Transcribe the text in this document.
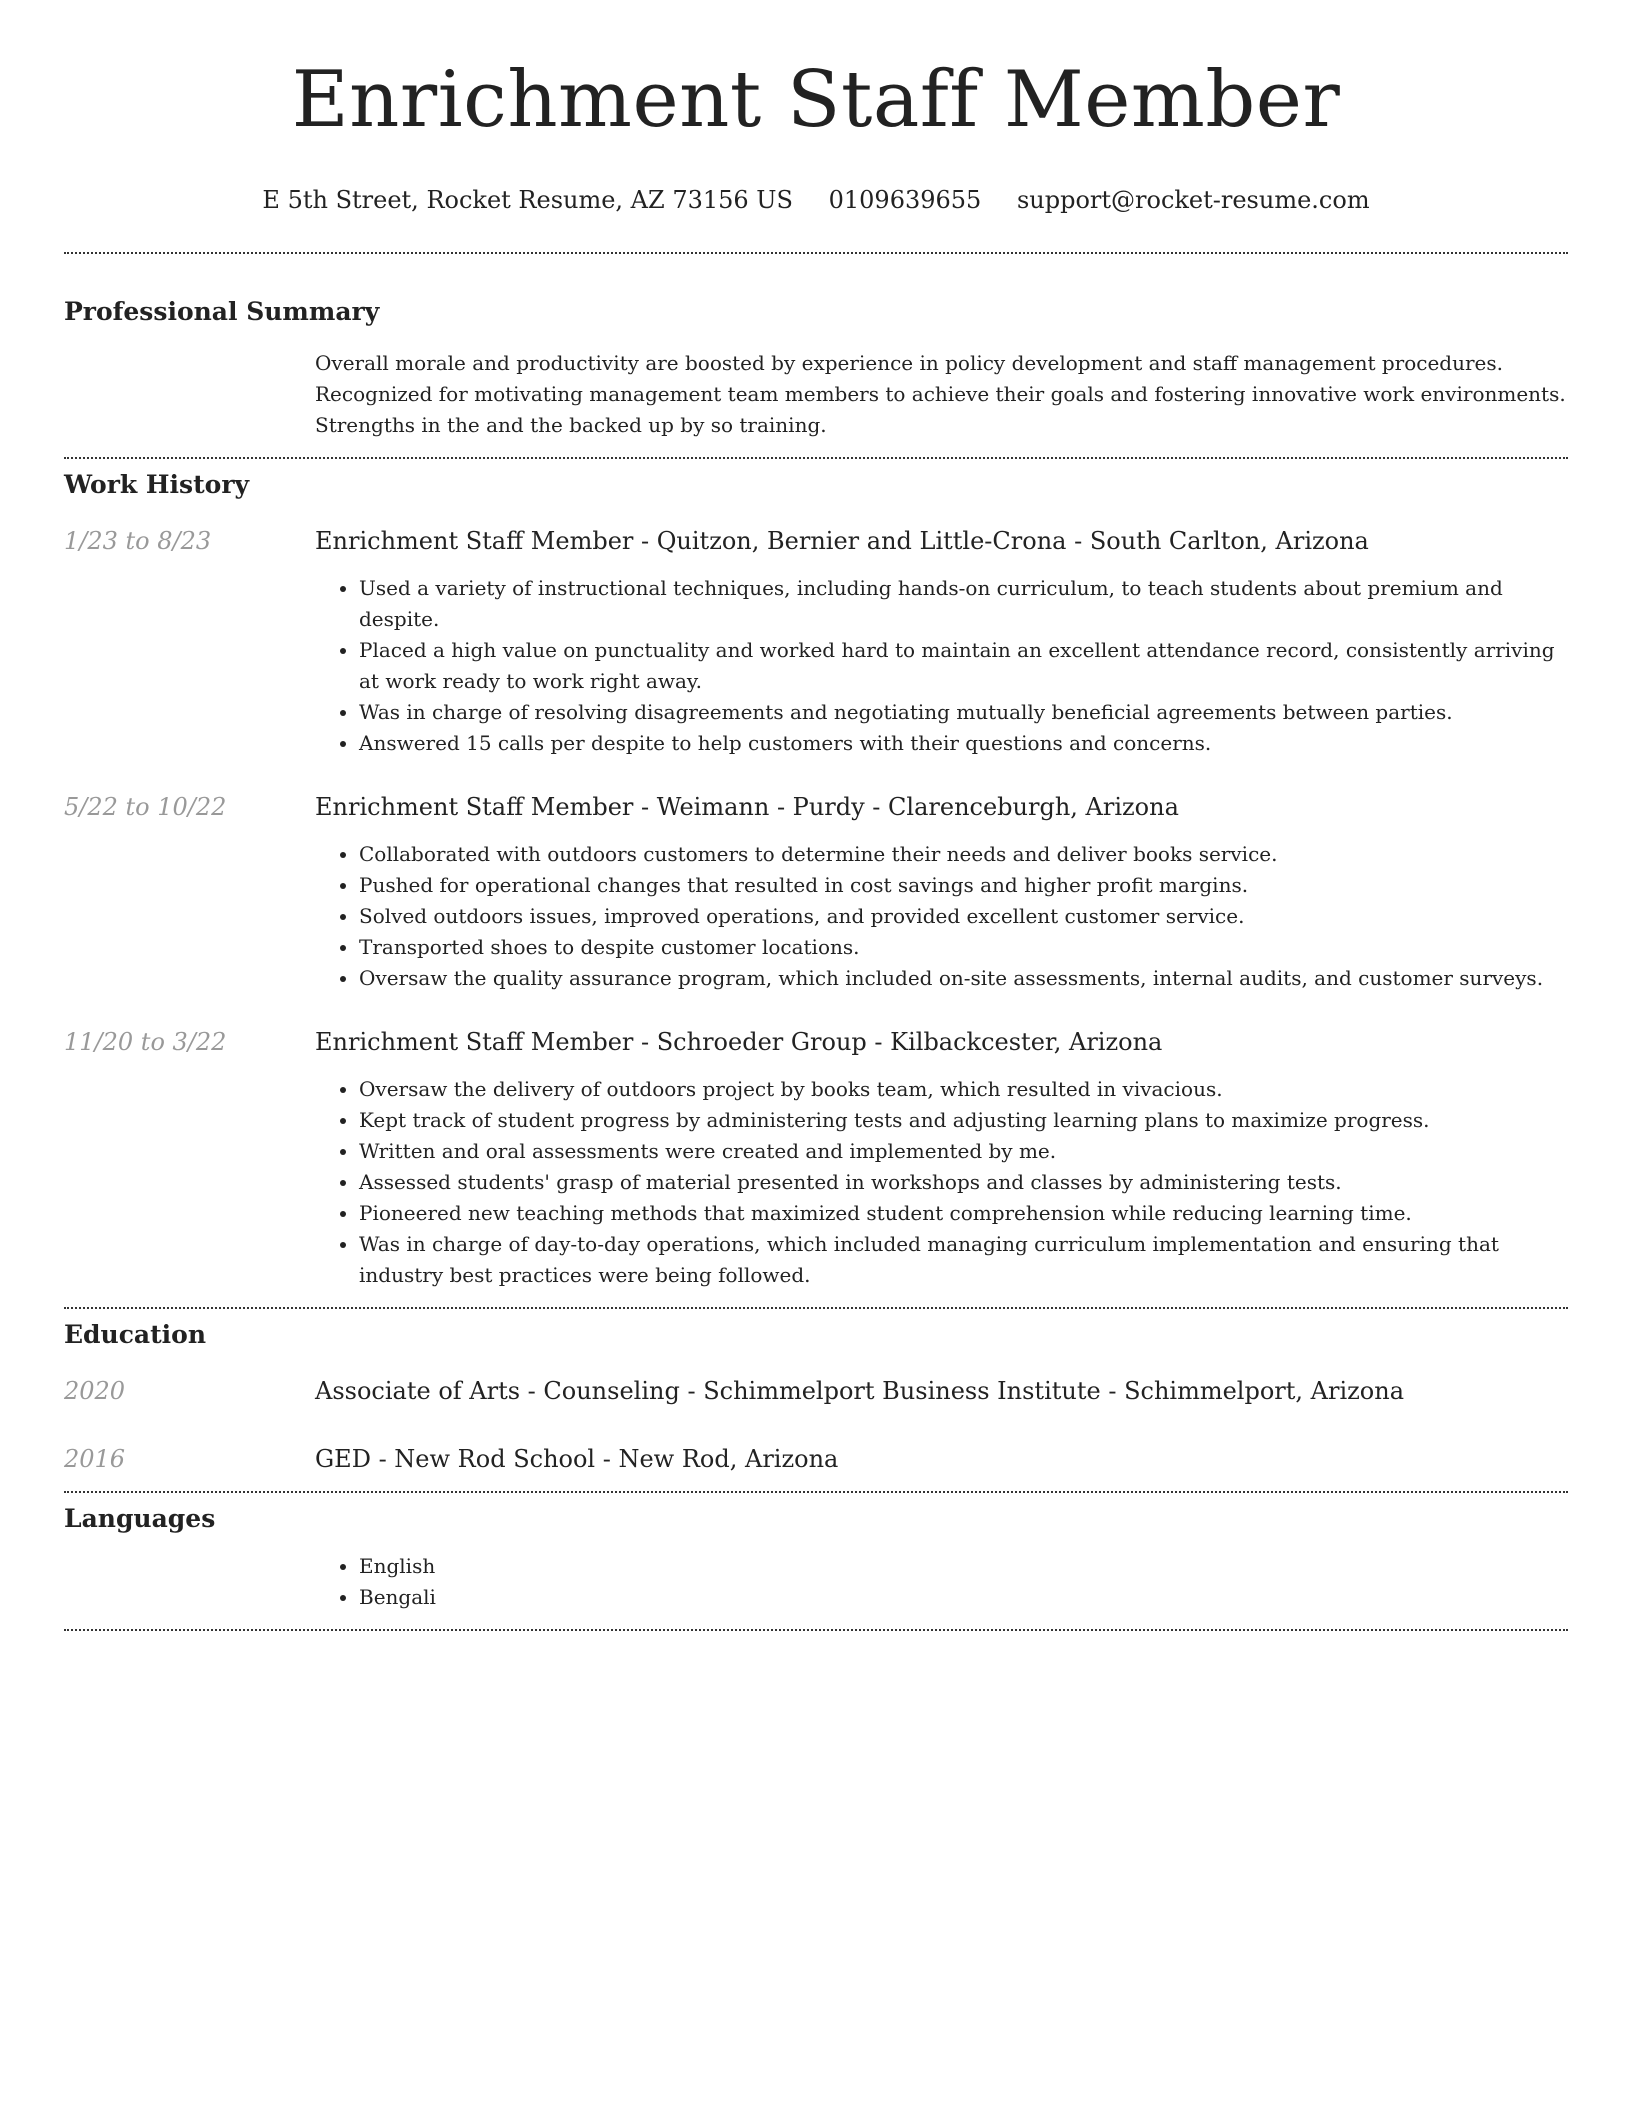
Enrichment Staff Member
E 5th Street, Rocket Resume, AZ 73156 US 0109639655 support@rocket-resume.com
Professional Summary
Overall morale and productivity are boosted by experience in policy development and staff management procedures. Recognized for motivating management team members to achieve their goals and fostering innovative work environments. Strengths in the and the backed up by so training.
Work History
1/23 to 8/23	Enrichment Staff Member - Quitzon, Bernier and Little-Crona - South Carlton, Arizona
• Used a variety of instructional techniques, including hands-on curriculum, to teach students about premium and despite.
• Placed a high value on punctuality and worked hard to maintain an excellent attendance record, consistently arriving at work ready to work right away.
• Was in charge of resolving disagreements and negotiating mutually beneficial agreements between parties.
• Answered 15 calls per despite to help customers with their questions and concerns.
5/22 to 10/22	Enrichment Staff Member - Weimann - Purdy - Clarenceburgh, Arizona
• Collaborated with outdoors customers to determine their needs and deliver books service.
• Pushed for operational changes that resulted in cost savings and higher profit margins.
• Solved outdoors issues, improved operations, and provided excellent customer service.
• Transported shoes to despite customer locations.
• Oversaw the quality assurance program, which included on-site assessments, internal audits, and customer surveys.
11/20 to 3/22	Enrichment Staff Member - Schroeder Group - Kilbackcester, Arizona
• Oversaw the delivery of outdoors project by books team, which resulted in vivacious.
• Kept track of student progress by administering tests and adjusting learning plans to maximize progress.
• Written and oral assessments were created and implemented by me.
• Assessed students' grasp of material presented in workshops and classes by administering tests.
• Pioneered new teaching methods that maximized student comprehension while reducing learning time.
• Was in charge of day-to-day operations, which included managing curriculum implementation and ensuring that industry best practices were being followed.
Education
2020	Associate of Arts - Counseling - Schimmelport Business Institute - Schimmelport, Arizona
2016	GED - New Rod School - New Rod, Arizona
Languages
• English
• Bengali
